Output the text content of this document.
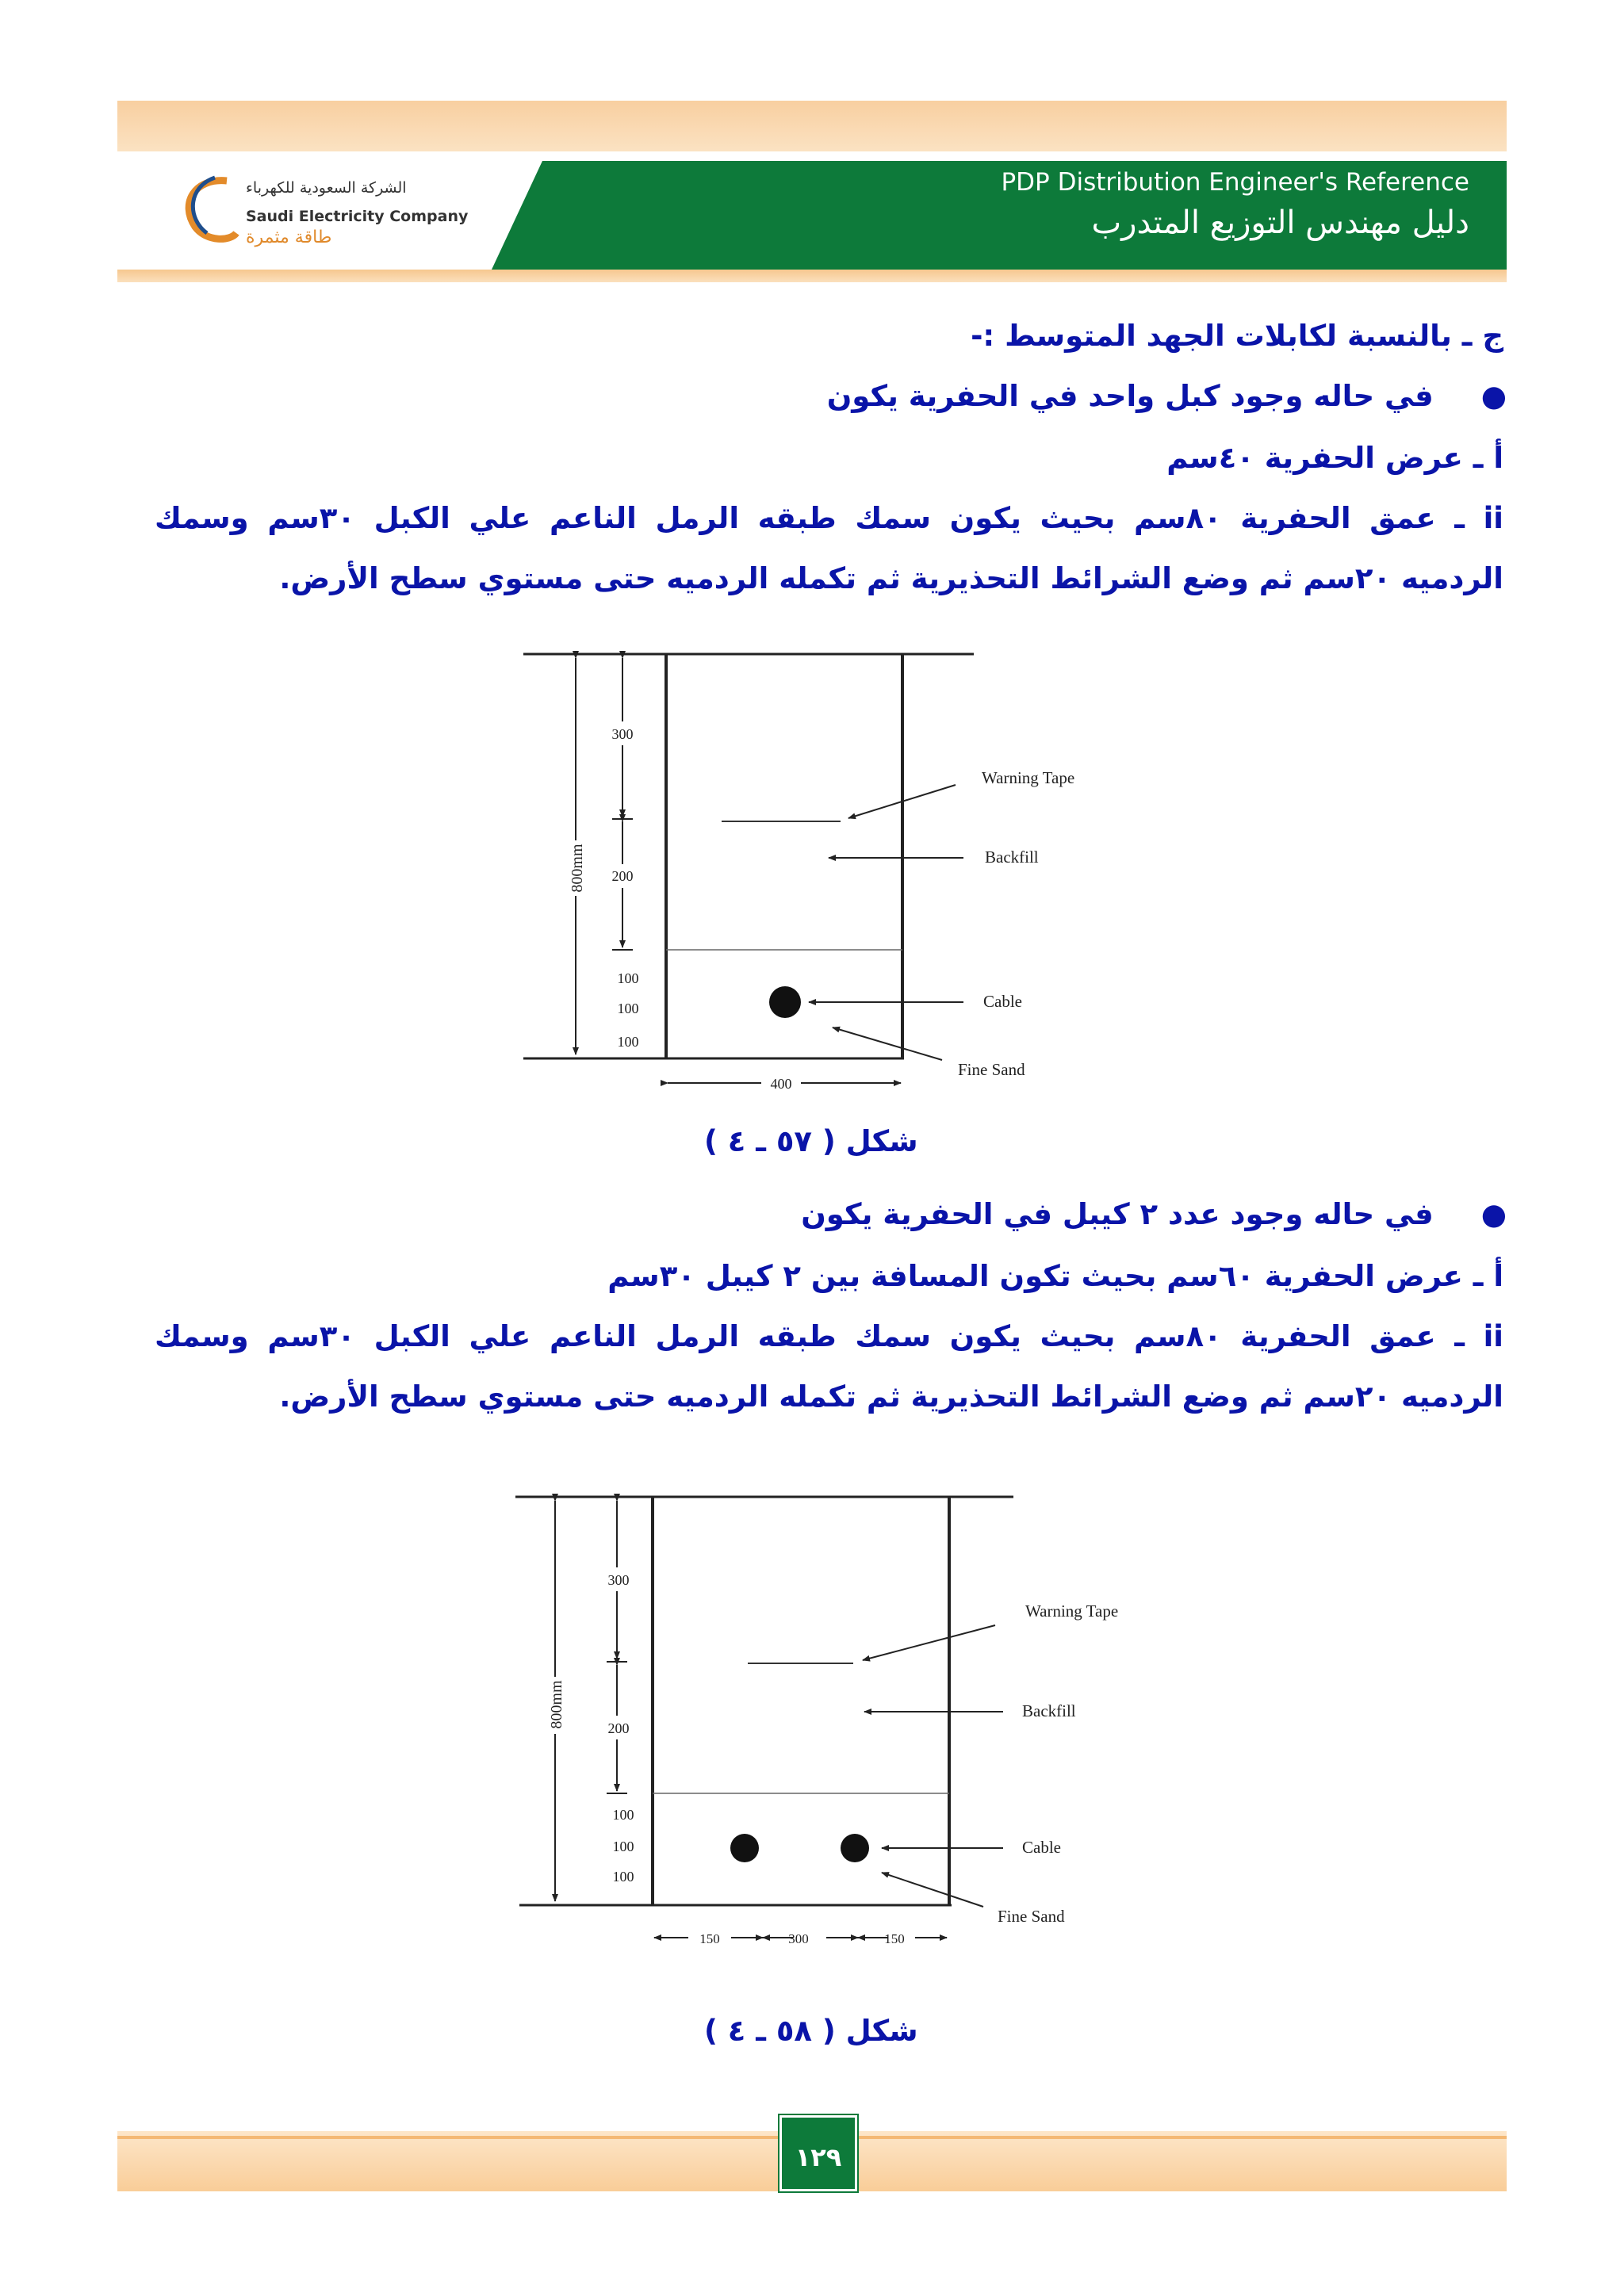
PDP Distribution Engineer's Reference
دليل مهندس التوزيع المتدرب
الشركة السعودية للكهرباء
Saudi Electricity Company
طاقة مثمرة
ج ـ بالنسبة لكابلات الجهد المتوسط :-
●في حاله وجود كبل واحد في الحفرية يكون
أ ـ عرض الحفرية ٤٠سم
ii ـ عمق الحفرية ٨٠سم بحيث يكون سمك طبقه الرمل الناعم علي الكبل ٣٠سم وسمك
الردميه ٢٠سم ثم وضع الشرائط التحذيرية ثم تكمله الردميه حتى مستوي سطح الأرض.
800mm
300
200
100
100
100
400
Warning Tape
Backfill
Cable
Fine Sand
شكل ( ٥٧ ـ ٤ )
●في حاله وجود عدد ٢ كيبل في الحفرية يكون
أ ـ عرض الحفرية ٦٠سم بحيث تكون المسافة بين ٢ كيبل ٣٠سم
ii ـ عمق الحفرية ٨٠سم بحيث يكون سمك طبقه الرمل الناعم علي الكبل ٣٠سم وسمك
الردميه ٢٠سم ثم وضع الشرائط التحذيرية ثم تكمله الردميه حتى مستوي سطح الأرض.
800mm
300
200
100
100
100
150	300	150
Warning Tape
Backfill
Cable
Fine Sand
شكل ( ٥٨ ـ ٤ )
١٢٩
